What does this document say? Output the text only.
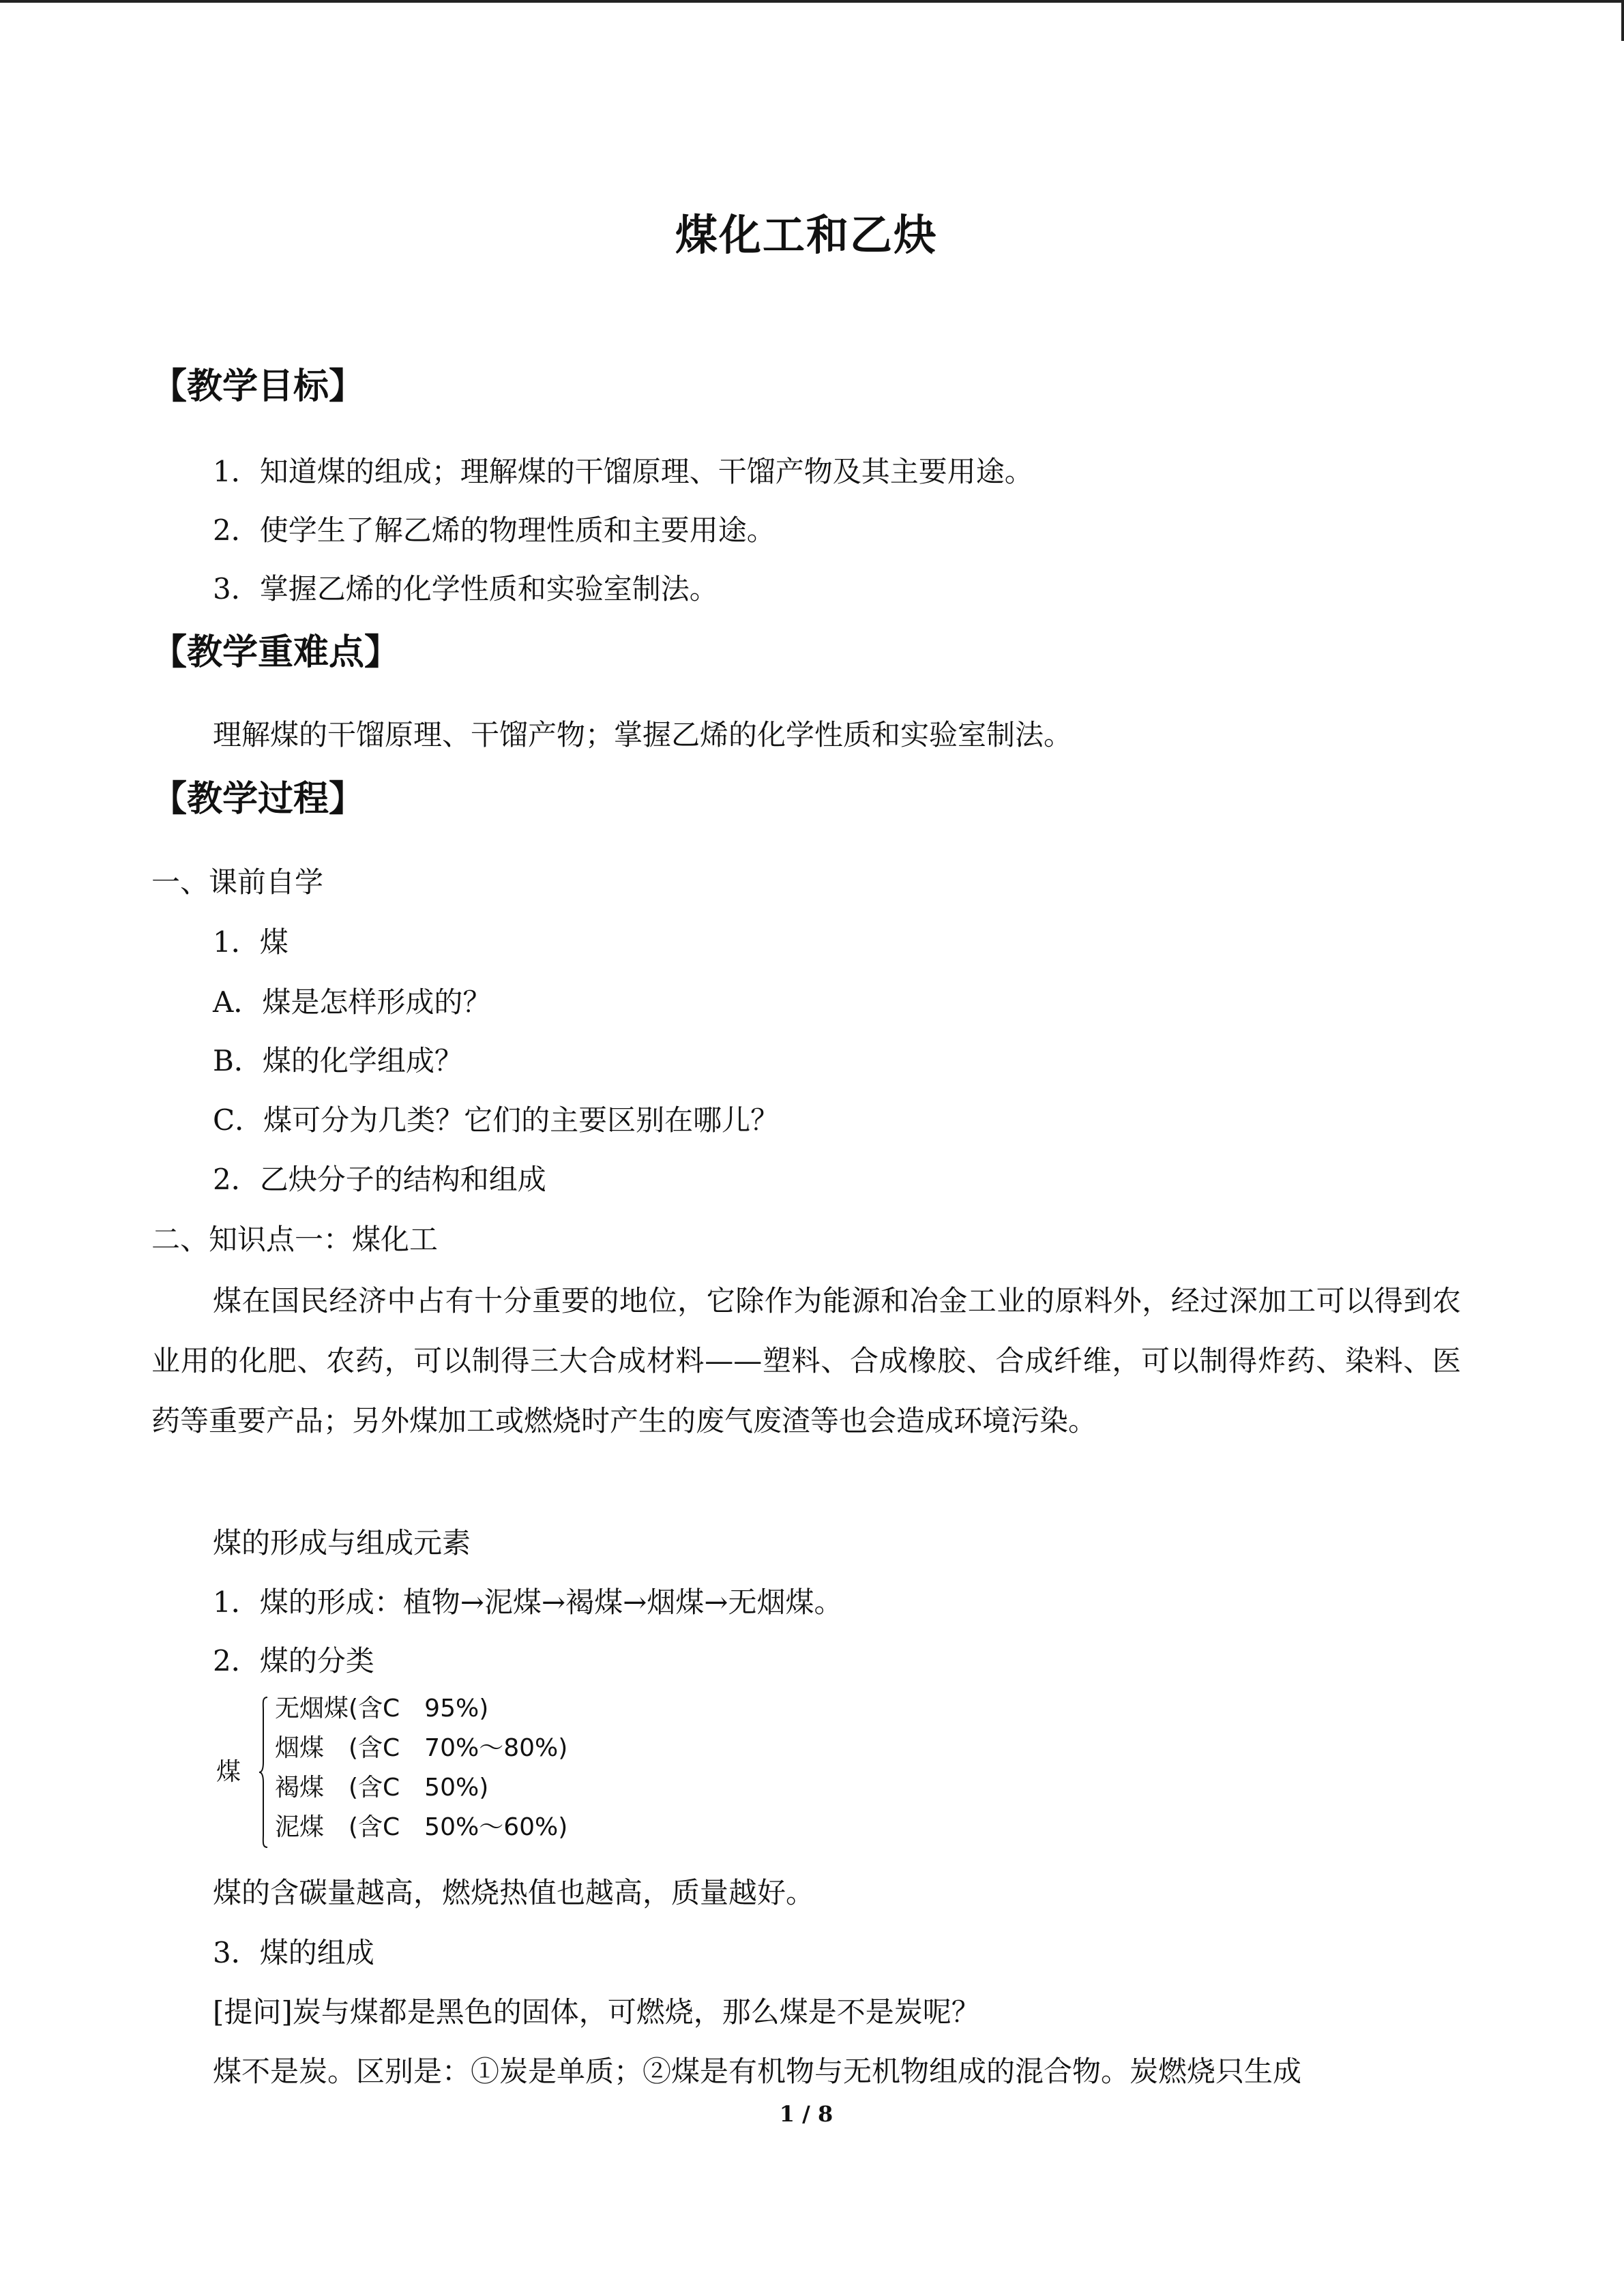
煤化工和乙炔
【教学目标】
1．知道煤的组成；理解煤的干馏原理、干馏产物及其主要用途。
2．使学生了解乙烯的物理性质和主要用途。
3．掌握乙烯的化学性质和实验室制法。
【教学重难点】
理解煤的干馏原理、干馏产物；掌握乙烯的化学性质和实验室制法。
【教学过程】
一、课前自学
1．煤
A．煤是怎样形成的？
B．煤的化学组成？
C．煤可分为几类？它们的主要区别在哪儿？
2．乙炔分子的结构和组成
二、知识点一：煤化工
煤在国民经济中占有十分重要的地位，它除作为能源和冶金工业的原料外，经过深加工可以得到农业用的化肥、农药，可以制得三大合成材料——塑料、合成橡胶、合成纤维，可以制得炸药、染料、医药等重要产品；另外煤加工或燃烧时产生的废气废渣等也会造成环境污染。
煤的形成与组成元素
1．煤的形成：植物→泥煤→褐煤→烟煤→无烟煤。
2．煤的分类
煤
无烟煤(含C　95%)
烟煤　(含C　70%～80%)
褐煤　(含C　50%)
泥煤　(含C　50%～60%)
煤的含碳量越高，燃烧热值也越高，质量越好。
3．煤的组成
[提问]炭与煤都是黑色的固体，可燃烧，那么煤是不是炭呢？
煤不是炭。区别是：①炭是单质；②煤是有机物与无机物组成的混合物。炭燃烧只生成
1 / 8
